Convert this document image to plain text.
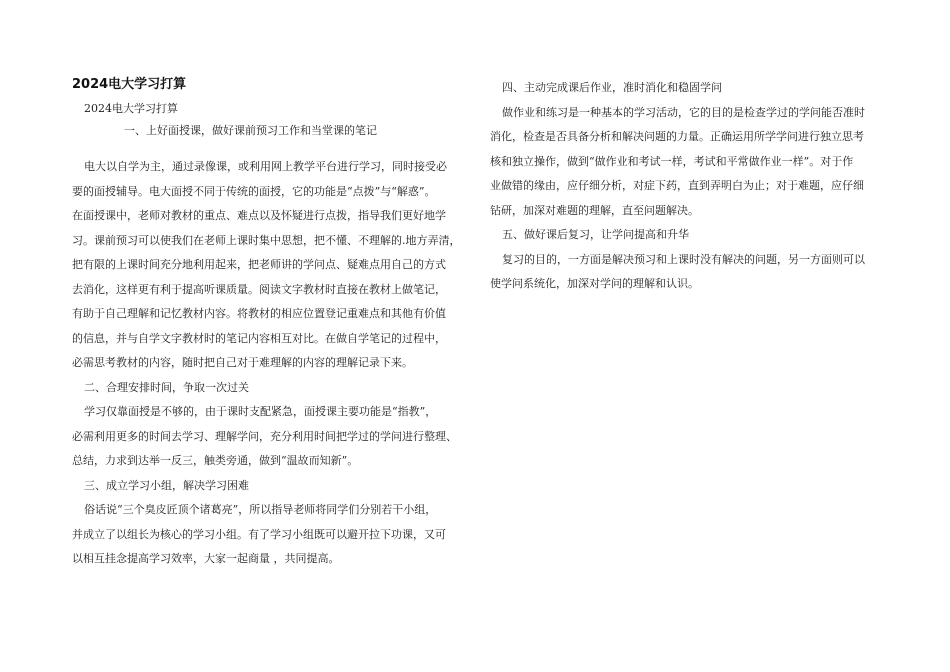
2024电大学习打算

2024电大学习打算

一、上好面授课，做好课前预习工作和当堂课的笔记

电大以自学为主，通过录像课，或利用网上教学平台进行学习，同时接受必
要的面授辅导。电大面授不同于传统的面授，它的功能是“点拨”与“解惑”。
在面授课中，老师对教材的重点、难点以及怀疑进行点拨，指导我们更好地学
习。课前预习可以使我们在老师上课时集中思想，把不懂、不理解的.地方弄清，
把有限的上课时间充分地利用起来，把老师讲的学问点、疑难点用自己的方式
去消化，这样更有利于提高听课质量。阅读文字教材时直接在教材上做笔记，
有助于自己理解和记忆教材内容。将教材的相应位置登记重难点和其他有价值
的信息，并与自学文字教材时的笔记内容相互对比。在做自学笔记的过程中，
必需思考教材的内容，随时把自己对于难理解的内容的理解记录下来。

二、合理安排时间，争取一次过关

学习仅靠面授是不够的，由于课时支配紧急，面授课主要功能是“指教”，
必需利用更多的时间去学习、理解学问，充分利用时间把学过的学问进行整理、
总结，力求到达举一反三，触类旁通，做到“温故而知新”。

三、成立学习小组，解决学习困难

俗话说“三个臭皮匠顶个诸葛亮”，所以指导老师将同学们分别若干小组，
并成立了以组长为核心的学习小组。有了学习小组既可以避开拉下功课，又可
以相互挂念提高学习效率，大家一起商量 ，共同提高。

四、主动完成课后作业，准时消化和稳固学问

做作业和练习是一种基本的学习活动，它的目的是检查学过的学问能否准时
消化，检查是否具备分析和解决问题的力量。正确运用所学学问进行独立思考
核和独立操作，做到“做作业和考试一样，考试和平常做作业一样”。对于作
业做错的缘由，应仔细分析，对症下药，直到弄明白为止；对于难题，应仔细
钻研，加深对难题的理解，直至问题解决。

五、做好课后复习，让学问提高和升华

复习的目的，一方面是解决预习和上课时没有解决的问题，另一方面则可以
使学问系统化，加深对学问的理解和认识。
